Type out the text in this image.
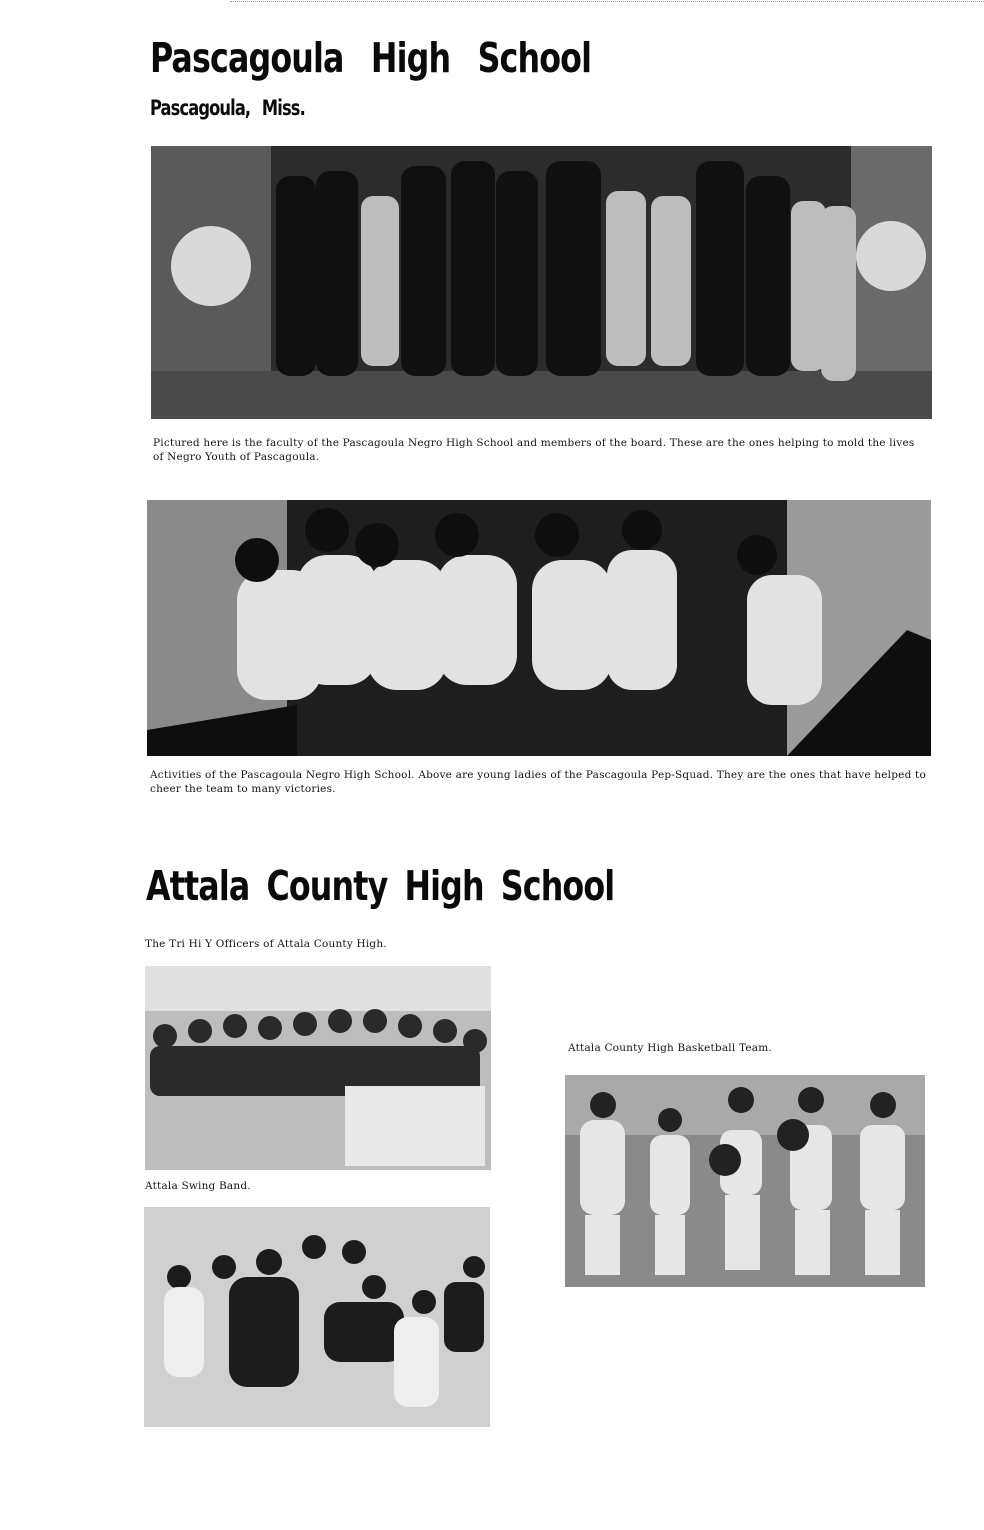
Pascagoula High School
Pascagoula, Miss.

Pictured here is the faculty of the Pascagoula Negro High School and members of the board. These are the ones helping to mold the lives of Negro Youth of Pascagoula.

Activities of the Pascagoula Negro High School. Above are young ladies of the Pascagoula Pep-Squad. They are the ones that have helped to cheer the team to many victories.

Attala County High School

The Tri Hi Y Officers of Attala County High.

Attala Swing Band.

Attala County High Basketball Team.
